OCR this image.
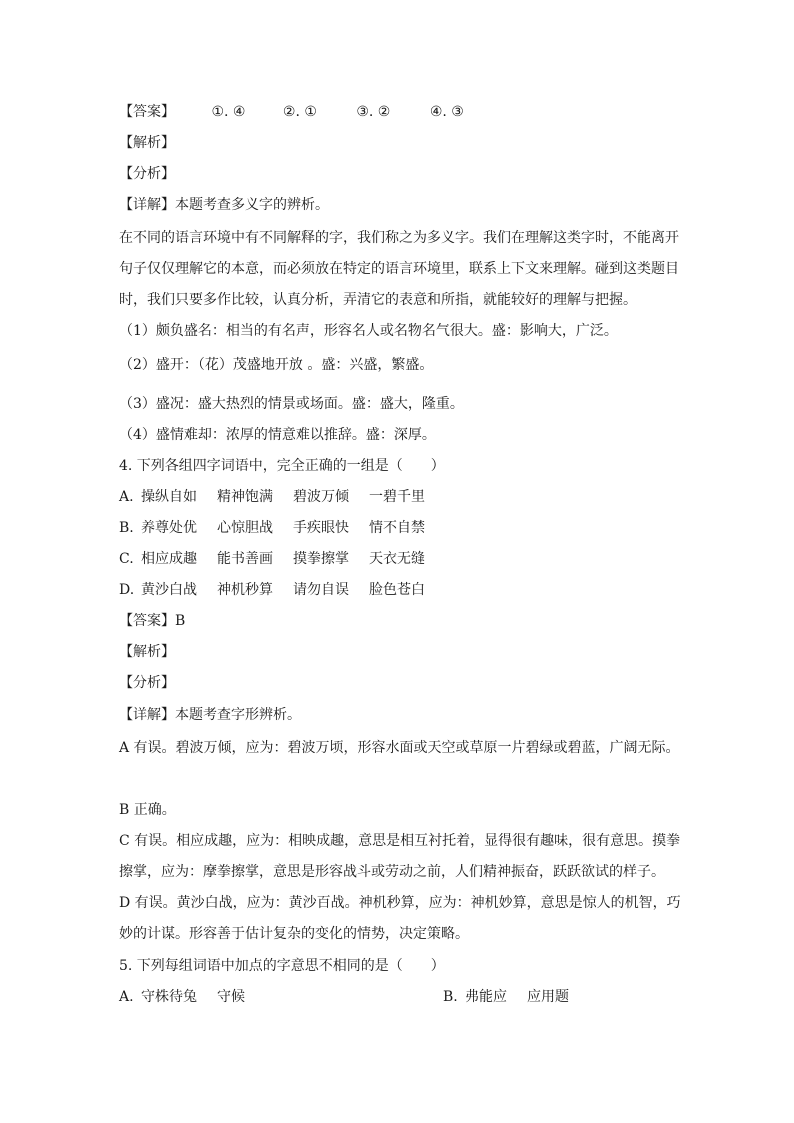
【答案】	①. ④	②. ①	③. ②	④. ③
【解析】
【分析】
【详解】本题考查多义字的辨析。
在不同的语言环境中有不同解释的字，我们称之为多义字。我们在理解这类字时，不能离开
句子仅仅理解它的本意，而必须放在特定的语言环境里，联系上下文来理解。碰到这类题目
时，我们只要多作比较，认真分析，弄清它的表意和所指，就能较好的理解与把握。
（1）颇负盛名：相当的有名声，形容名人或名物名气很大。盛：影响大，广泛。
（2）盛开：（花）茂盛地开放 。盛：兴盛，繁盛。
（3）盛况：盛大热烈的情景或场面。盛：盛大，隆重。
（4）盛情难却：浓厚的情意难以推辞。盛：深厚。
4. 下列各组四字词语中，完全正确的一组是（　　）
A. 操纵自如 精神饱满 碧波万倾 一碧千里
B. 养尊处优 心惊胆战 手疾眼快 情不自禁
C. 相应成趣 能书善画 摸拳擦掌 天衣无缝
D. 黄沙白战 神机秒算 请勿自误 脸色苍白
【答案】B
【解析】
【分析】
【详解】本题考查字形辨析。
A 有误。碧波万倾，应为：碧波万顷，形容水面或天空或草原一片碧绿或碧蓝，广阔无际。
B 正确。
C 有误。相应成趣，应为：相映成趣，意思是相互衬托着，显得很有趣味，很有意思。摸拳
擦掌，应为：摩拳擦掌，意思是形容战斗或劳动之前，人们精神振奋，跃跃欲试的样子。
D 有误。黄沙白战，应为：黄沙百战。神机秒算，应为：神机妙算，意思是惊人的机智，巧
妙的计谋。形容善于估计复杂的变化的情势，决定策略。
5. 下列每组词语中加点的字意思不相同的是（　　）
A. 守株待兔 守候	B. 弗能应 应用题
